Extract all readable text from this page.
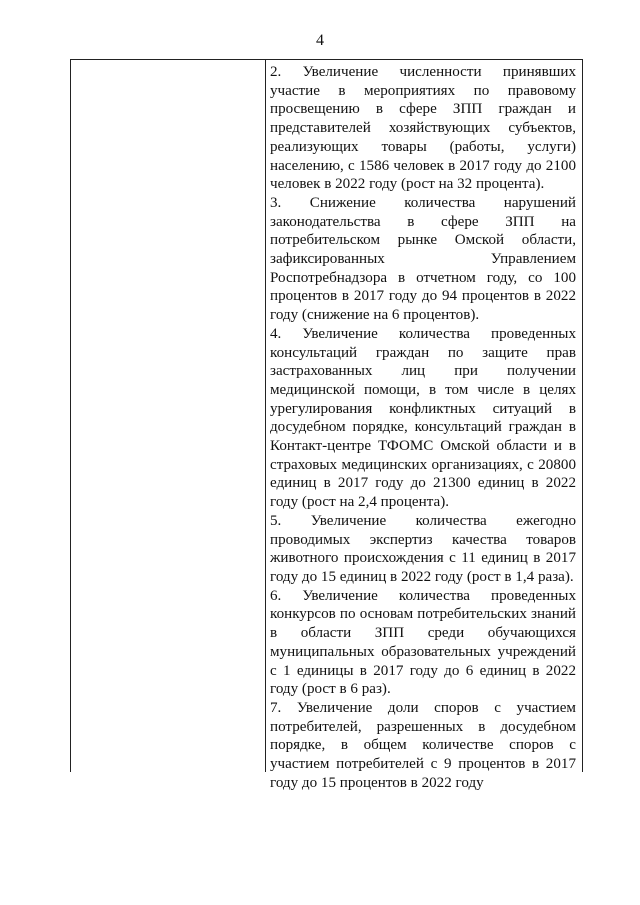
4

2. Увеличение численности принявших участие в мероприятиях по правовому просвещению в сфере ЗПП граждан и представителей хозяйствующих субъектов, реализующих товары (работы, услуги) населению, с 1586 человек в 2017 году до 2100 человек в 2022 году (рост на 32 процента).

3. Снижение количества нарушений законодательства в сфере ЗПП на потребительском рынке Омской области, зафиксированных Управлением Роспотребнадзора в отчетном году, со 100 процентов в 2017 году до 94 процентов в 2022 году (снижение на 6 процентов).

4. Увеличение количества проведенных консультаций граждан по защите прав застрахованных лиц при получении медицинской помощи, в том числе в целях урегулирования конфликтных ситуаций в досудебном порядке, консультаций граждан в Контакт-центре ТФОМС Омской области и в страховых медицинских организациях, с 20800 единиц в 2017 году до 21300 единиц в 2022 году (рост на 2,4 процента).

5. Увеличение количества ежегодно проводимых экспертиз качества товаров животного происхождения с 11 единиц в 2017 году до 15 единиц в 2022 году (рост в 1,4 раза).

6. Увеличение количества проведенных конкурсов по основам потребительских знаний в области ЗПП среди обучающихся муниципальных образовательных учреждений с 1 единицы в 2017 году до 6 единиц в 2022 году (рост в 6 раз).

7. Увеличение доли споров с участием потребителей, разрешенных в досудебном порядке, в общем количестве споров с участием потребителей с 9 процентов в 2017 году до 15 процентов в 2022 году
